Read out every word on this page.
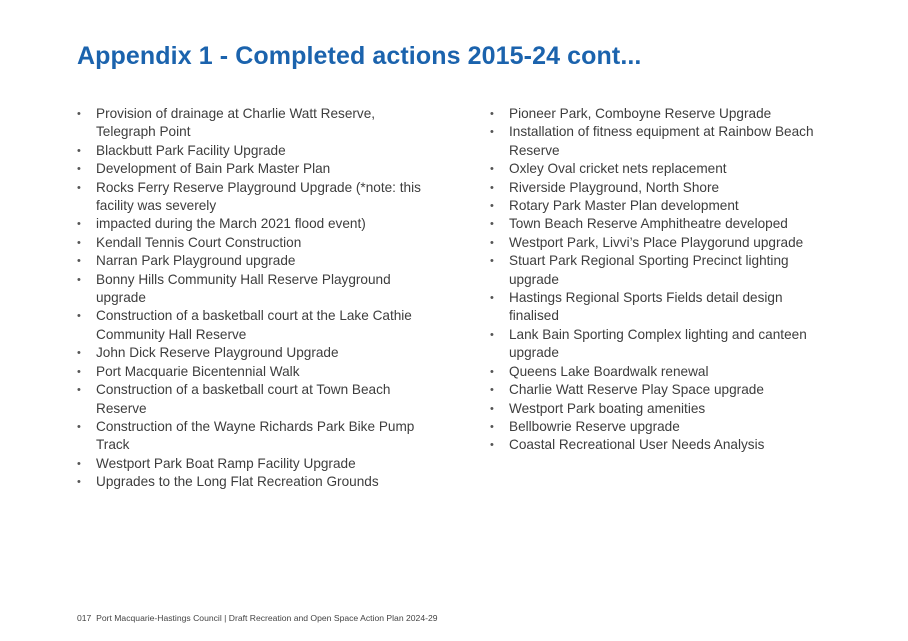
Appendix 1 - Completed actions 2015-24 cont...
• Provision of drainage at Charlie Watt Reserve, Telegraph Point
• Blackbutt Park Facility Upgrade
• Development of Bain Park Master Plan
• Rocks Ferry Reserve Playground Upgrade (*note: this facility was severely
• impacted during the March 2021 flood event)
• Kendall Tennis Court Construction
• Narran Park Playground upgrade
• Bonny Hills Community Hall Reserve Playground upgrade
• Construction of a basketball court at the Lake Cathie Community Hall Reserve
• John Dick Reserve Playground Upgrade
• Port Macquarie Bicentennial Walk
• Construction of a basketball court at Town Beach Reserve
• Construction of the Wayne Richards Park Bike Pump Track
• Westport Park Boat Ramp Facility Upgrade
• Upgrades to the Long Flat Recreation Grounds
• Pioneer Park, Comboyne Reserve Upgrade
• Installation of fitness equipment at Rainbow Beach Reserve
• Oxley Oval cricket nets replacement
• Riverside Playground, North Shore
• Rotary Park Master Plan development
• Town Beach Reserve Amphitheatre developed
• Westport Park, Livvi’s Place Playgorund upgrade
• Stuart Park Regional Sporting Precinct lighting upgrade
• Hastings Regional Sports Fields detail design finalised
• Lank Bain Sporting Complex lighting and canteen upgrade
• Queens Lake Boardwalk renewal
• Charlie Watt Reserve Play Space upgrade
• Westport Park boating amenities
• Bellbowrie Reserve upgrade
• Coastal Recreational User Needs Analysis
017 Port Macquarie-Hastings Council | Draft Recreation and Open Space Action Plan 2024-29
